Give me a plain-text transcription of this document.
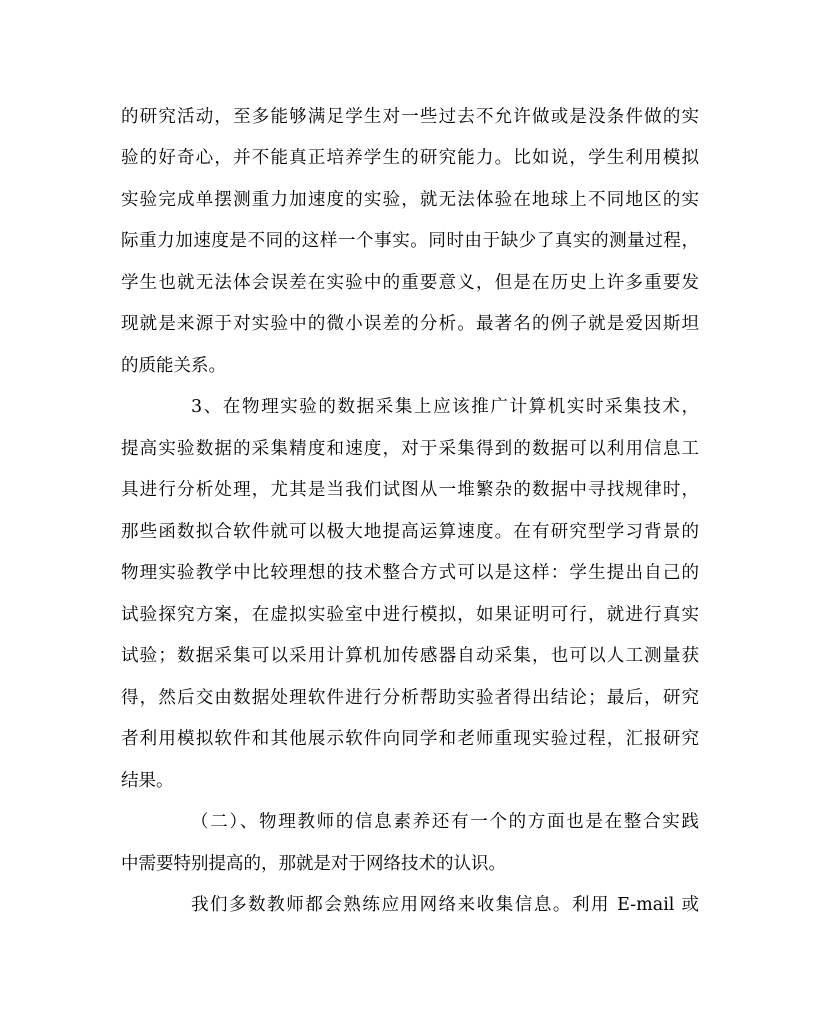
的研究活动，至多能够满足学生对一些过去不允许做或是没条件做的实
验的好奇心，并不能真正培养学生的研究能力。比如说，学生利用模拟
实验完成单摆测重力加速度的实验，就无法体验在地球上不同地区的实
际重力加速度是不同的这样一个事实。同时由于缺少了真实的测量过程，
学生也就无法体会误差在实验中的重要意义，但是在历史上许多重要发
现就是来源于对实验中的微小误差的分析。最著名的例子就是爱因斯坦
的质能关系。
3、在物理实验的数据采集上应该推广计算机实时采集技术，
提高实验数据的采集精度和速度，对于采集得到的数据可以利用信息工
具进行分析处理，尤其是当我们试图从一堆繁杂的数据中寻找规律时，
那些函数拟合软件就可以极大地提高运算速度。在有研究型学习背景的
物理实验教学中比较理想的技术整合方式可以是这样：学生提出自己的
试验探究方案，在虚拟实验室中进行模拟，如果证明可行，就进行真实
试验；数据采集可以采用计算机加传感器自动采集，也可以人工测量获
得，然后交由数据处理软件进行分析帮助实验者得出结论；最后，研究
者利用模拟软件和其他展示软件向同学和老师重现实验过程，汇报研究
结果。
（二）、物理教师的信息素养还有一个的方面也是在整合实践
中需要特别提高的，那就是对于网络技术的认识。
我们多数教师都会熟练应用网络来收集信息。利用 E-mail 或
